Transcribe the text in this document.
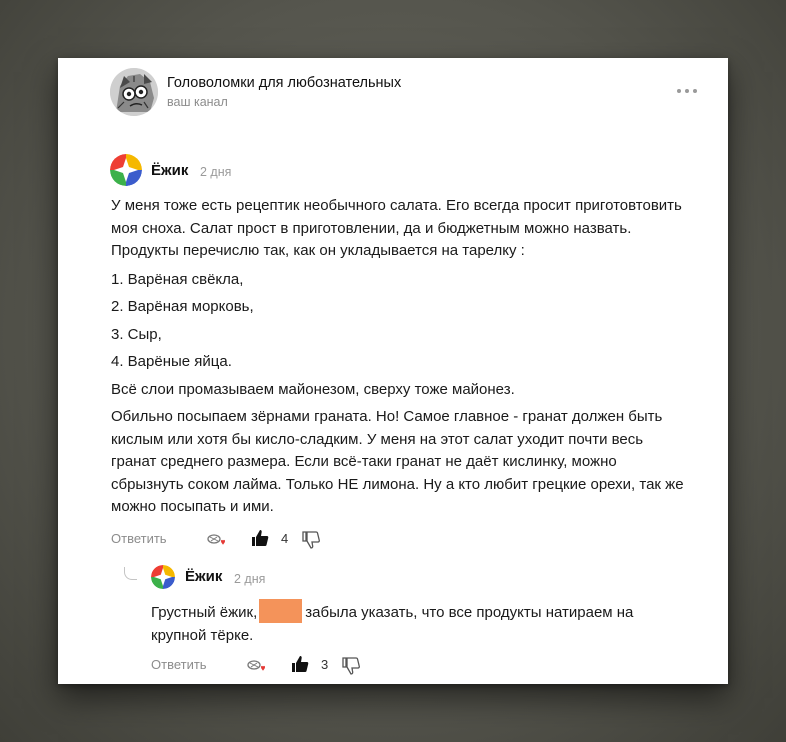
Головоломки для любознательных
ваш канал
Ёжик 2 дня

У меня тоже есть рецептик необычного салата. Его всегда просит приготовтовить моя сноха. Салат прост в приготовлении, да и бюджетным можно назвать. Продукты перечислю так, как он укладывается на тарелку :

1. Варёная свёкла,

2. Варёная морковь,

3. Сыр,

4. Варёные яйца.

Всё слои промазываем майонезом, сверху тоже майонез.

Обильно посыпаем зёрнами граната. Но! Самое главное - гранат должен быть кислым или хотя бы кисло-сладким. У меня на этот салат уходит почти весь гранат среднего размера. Если всё-таки гранат не даёт кислинку, можно сбрызнуть соком лайма. Только НЕ лимона. Ну а кто любит грецкие орехи, так же можно посыпать и ими.

Ответить	4
Ёжик 2 дня
Грустный ёжик,	забыла указать, что все продукты натираем на крупной тёрке.
Ответить	3
